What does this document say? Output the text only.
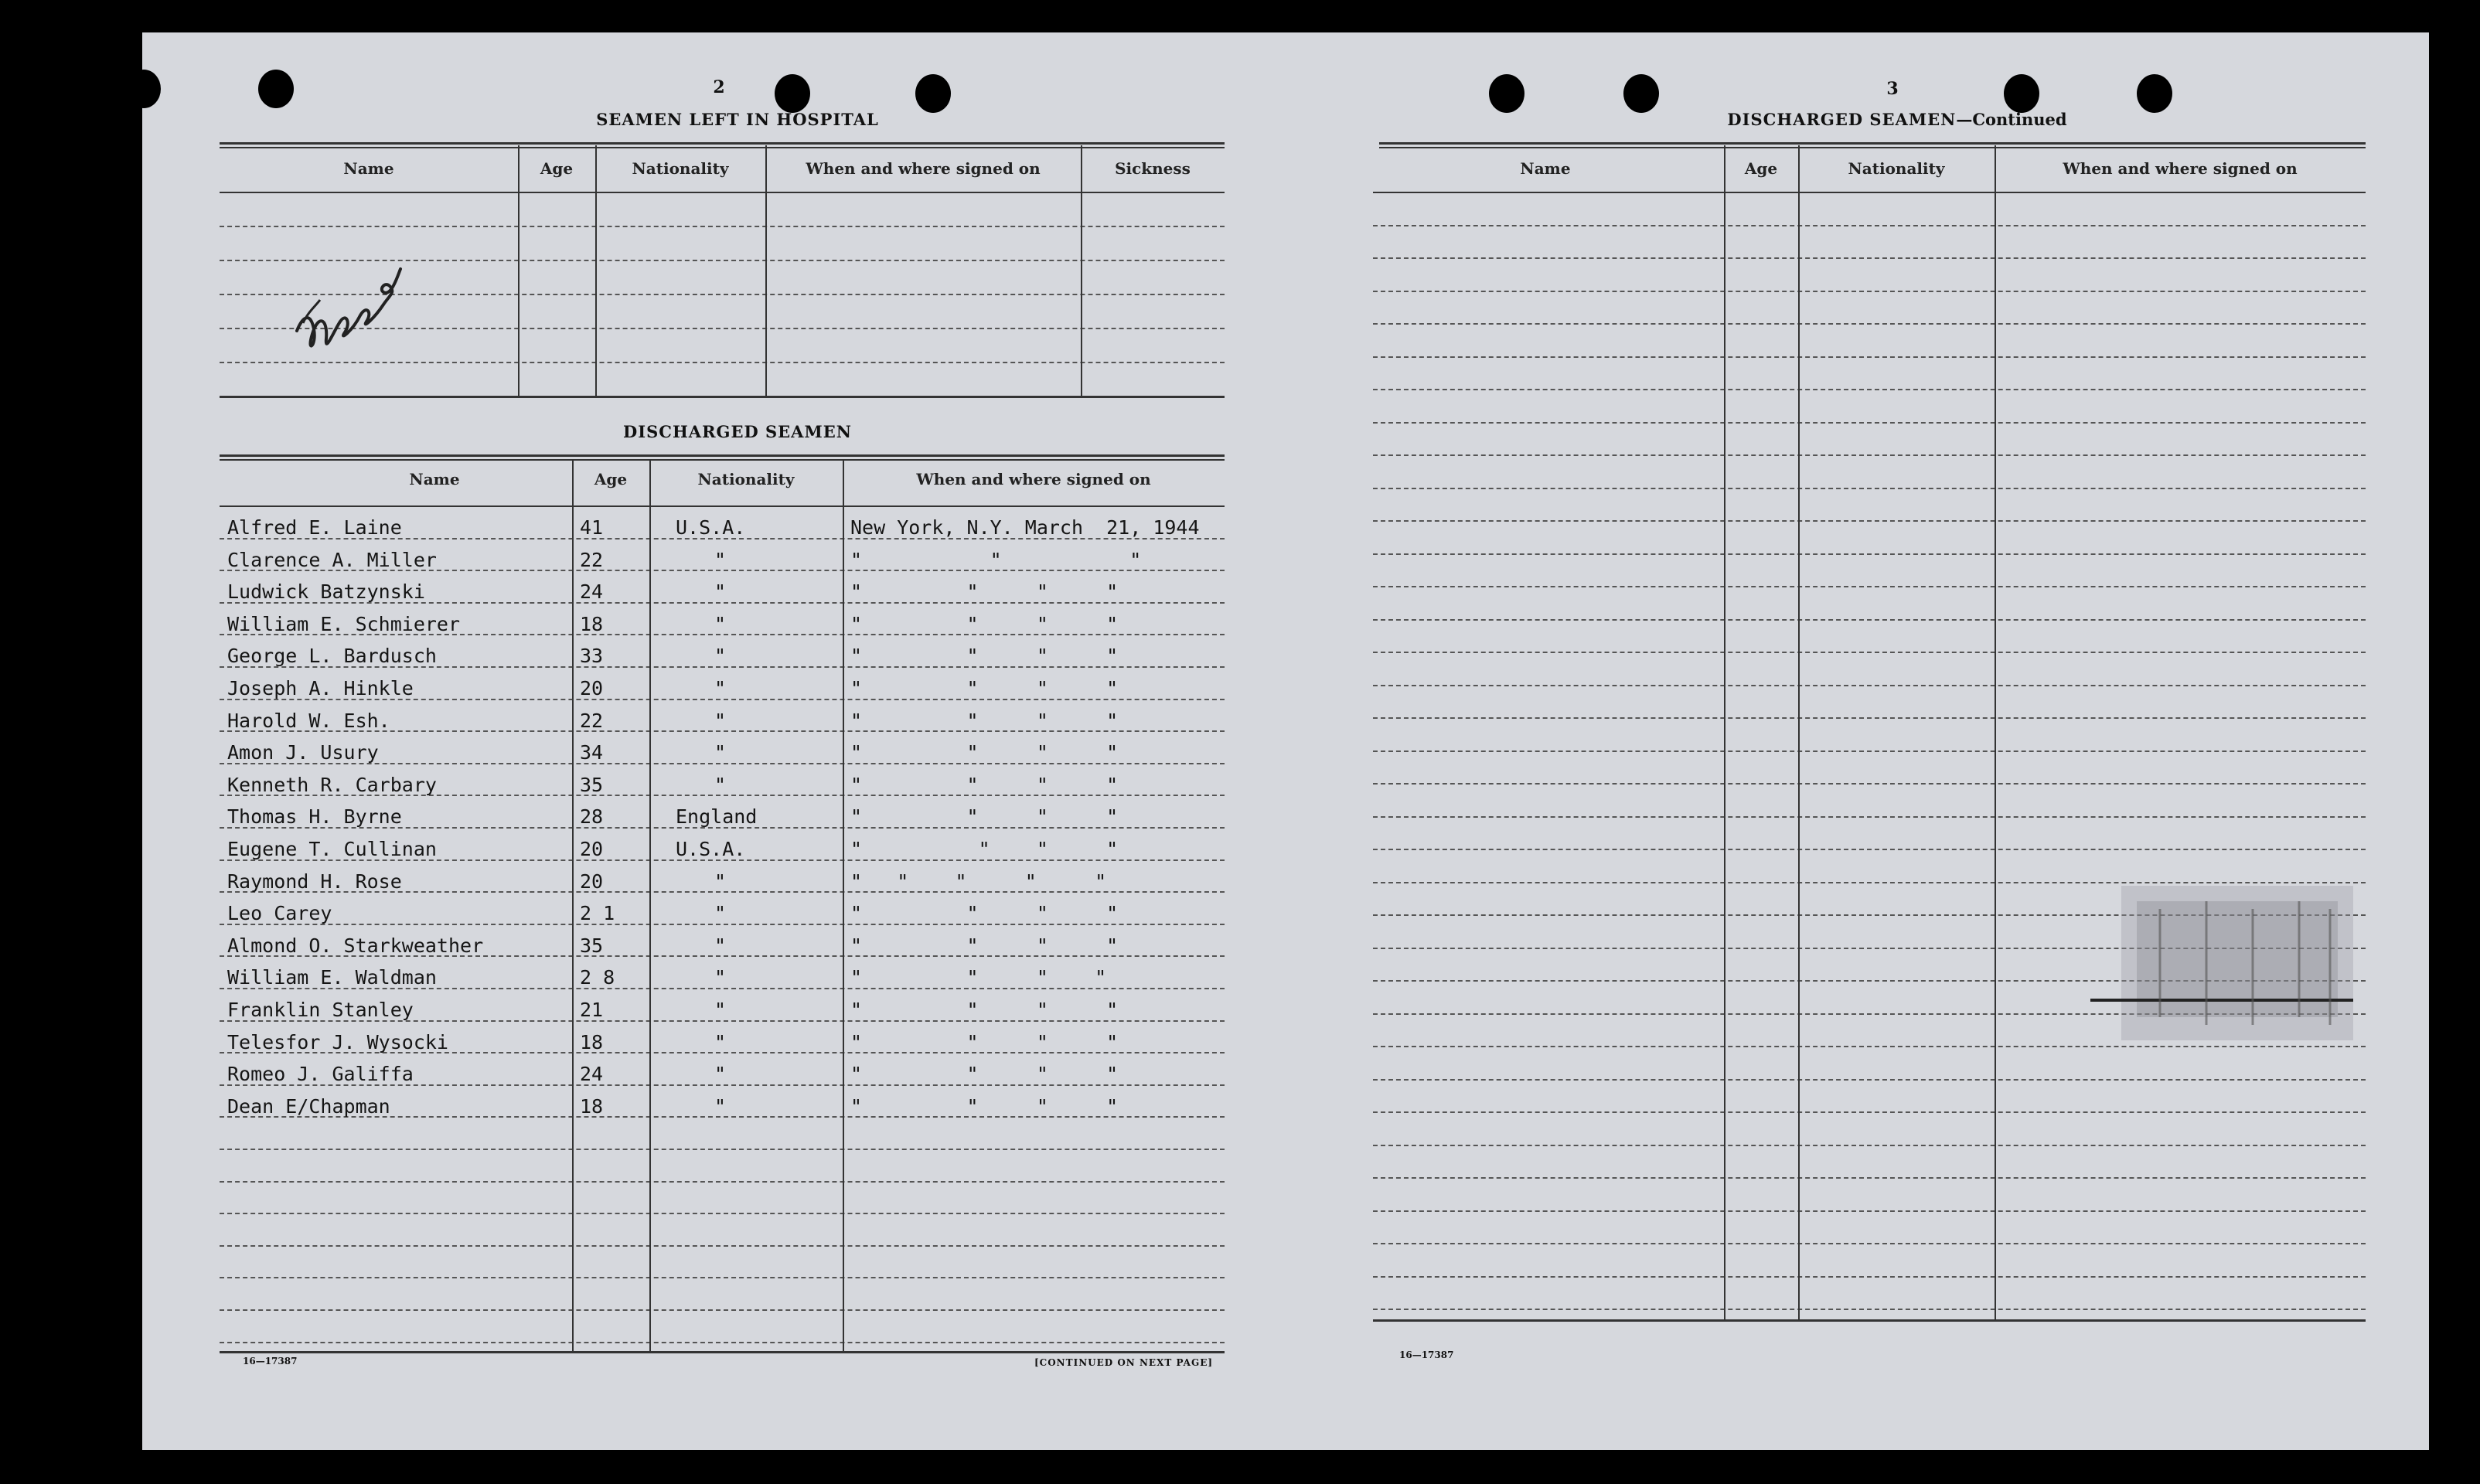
2
SEAMEN LEFT IN HOSPITAL
Name	Age	Nationality	When and where signed on	Sickness
DISCHARGED SEAMEN
Name	Age	Nationality	When and where signed on
Alfred E. Laine	41	U.S.A.	New York, N.Y. March  21, 1944
Clarence A. Miller	22	"	"           "           "
Ludwick Batzynski	24	"	"         "     "     "
William E. Schmierer	18	"	"         "     "     "
George L. Bardusch	33	"	"         "     "     "
Joseph A. Hinkle	20	"	"         "     "     "
Harold W. Esh.	22	"	"         "     "     "
Amon J. Usury	34	"	"         "     "     "
Kenneth R. Carbary	35	"	"         "     "     "
Thomas H. Byrne	28	England	"         "     "     "
Eugene T. Cullinan	20	U.S.A.	"          "    "     "
Raymond H. Rose	20	"	"   "    "     "     "
Leo Carey	2 1	"	"         "     "     "
Almond O. Starkweather	35	"	"         "     "     "
William E. Waldman	2 8	"	"         "     "    "
Franklin Stanley	21	"	"         "     "     "
Telesfor J. Wysocki	18	"	"         "     "     "
Romeo J. Galiffa	24	"	"         "     "     "
Dean E/Chapman	18	"	"         "     "     "
16—17387	[CONTINUED ON NEXT PAGE]
3
DISCHARGED SEAMEN—Continued
Name	Age	Nationality	When and where signed on
16—17387
